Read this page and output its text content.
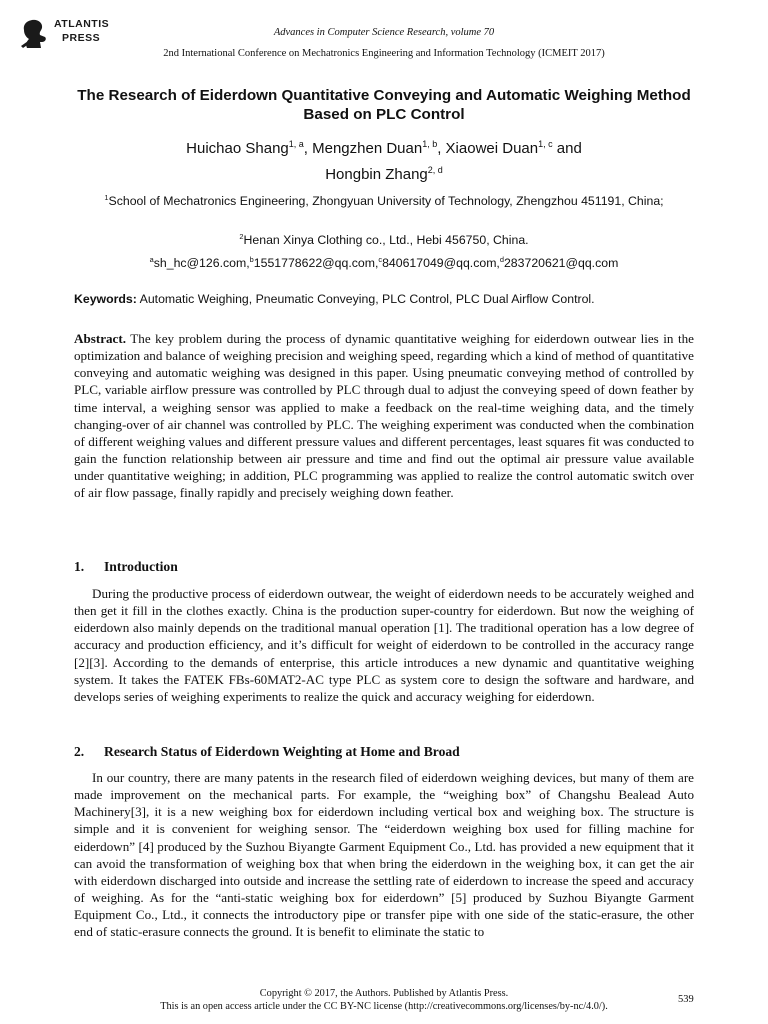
ATLANTIS
PRESS	Advances in Computer Science Research, volume 70
2nd International Conference on Mechatronics Engineering and Information Technology (ICMEIT 2017)
The Research of Eiderdown Quantitative Conveying and Automatic Weighing Method Based on PLC Control
Huichao Shang$^{1, a}$, Mengzhen Duan$^{1, b}$, Xiaowei Duan$^{1, c}$ and
Hongbin Zhang$^{2, d}$
$^1$School of Mechatronics Engineering, Zhongyuan University of Technology, Zhengzhou 451191, China;
$^2$Henan Xinya Clothing co., Ltd., Hebi 456750, China.
$^a$sh_hc@126.com,$^b$1551778622@qq.com,$^c$840617049@qq.com,$^d$283720621@qq.com
Keywords: Automatic Weighing, Pneumatic Conveying, PLC Control, PLC Dual Airflow Control.
Abstract. The key problem during the process of dynamic quantitative weighing for eiderdown outwear lies in the optimization and balance of weighing precision and weighing speed, regarding which a kind of method of quantitative conveying and automatic weighing was designed in this paper. Using pneumatic conveying method of controlled by PLC, variable airflow pressure was controlled by PLC through dual to adjust the conveying speed of down feather by time interval, a weighing sensor was applied to make a feedback on the real-time weighing data, and the timely changing-over of air channel was controlled by PLC. The weighing experiment was conducted when the combination of different weighing values and different pressure values and different percentages, least squares fit was conducted to gain the function relationship between air pressure and time and find out the optimal air pressure value available under quantitative weighing; in addition, PLC programming was applied to realize the control automatic switch over of air flow passage, finally rapidly and precisely weighing down feather.
1. Introduction
During the productive process of eiderdown outwear, the weight of eiderdown needs to be accurately weighed and then get it fill in the clothes exactly. China is the production super-country for eiderdown. But now the weighing of eiderdown also mainly depends on the traditional manual operation [1]. The traditional operation has a low degree of accuracy and production efficiency, and it’s difficult for weight of eiderdown to be controlled in the accuracy range [2][3]. According to the demands of enterprise, this article introduces a new dynamic and quantitative weighing system. It takes the FATEK FBs-60MAT2-AC type PLC as system core to design the software and hardware, and develops series of weighing experiments to realize the quick and accuracy weighing for eiderdown.
2. Research Status of Eiderdown Weighting at Home and Broad
In our country, there are many patents in the research filed of eiderdown weighing devices, but many of them are made improvement on the mechanical parts. For example, the “weighing box” of Changshu Bealead Auto Machinery[3], it is a new weighing box for eiderdown including vertical box and weighing box. The structure is simple and it is convenient for weighing sensor. The “eiderdown weighing box used for filling machine for eiderdown” [4] produced by the Suzhou Biyangte Garment Equipment Co., Ltd. has provided a new equipment that it can avoid the transformation of weighing box that when bring the eiderdown in the weighing box, it can get the air with eiderdown discharged into outside and increase the settling rate of eiderdown to increase the speed and accuracy of weighing. As for the “anti-static weighing box for eiderdown” [5] produced by Suzhou Biyangte Garment Equipment Co., Ltd., it connects the introductory pipe or transfer pipe with one side of the static-erasure, the other end of static-erasure connects the ground. It is benefit to eliminate the static to
Copyright © 2017, the Authors. Published by Atlantis Press.
This is an open access article under the CC BY-NC license (http://creativecommons.org/licenses/by-nc/4.0/).
539
